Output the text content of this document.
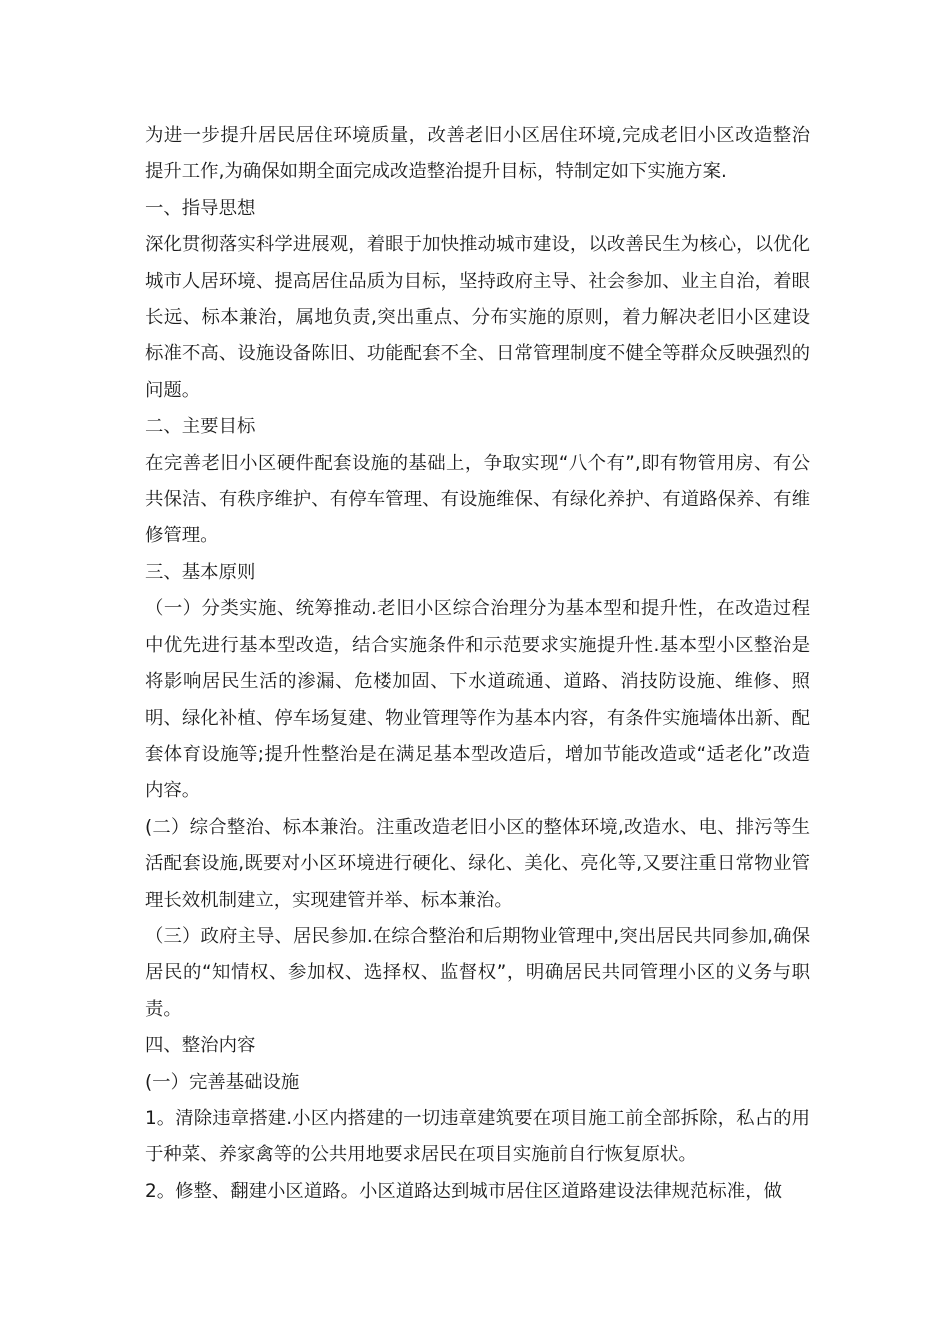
为进一步提升居民居住环境质量，改善老旧小区居住环境,完成老旧小区改造整治提升工作,为确保如期全面完成改造整治提升目标，特制定如下实施方案.

一、指导思想

深化贯彻落实科学进展观，着眼于加快推动城市建设，以改善民生为核心，以优化城市人居环境、提高居住品质为目标，坚持政府主导、社会参加、业主自治，着眼长远、标本兼治，属地负责,突出重点、分布实施的原则，着力解决老旧小区建设标准不高、设施设备陈旧、功能配套不全、日常管理制度不健全等群众反映强烈的问题。

二、主要目标

在完善老旧小区硬件配套设施的基础上，争取实现“八个有”,即有物管用房、有公共保洁、有秩序维护、有停车管理、有设施维保、有绿化养护、有道路保养、有维修管理。

三、基本原则

（一）分类实施、统筹推动.老旧小区综合治理分为基本型和提升性，在改造过程中优先进行基本型改造，结合实施条件和示范要求实施提升性.基本型小区整治是将影响居民生活的渗漏、危楼加固、下水道疏通、道路、消技防设施、维修、照明、绿化补植、停车场复建、物业管理等作为基本内容，有条件实施墙体出新、配套体育设施等;提升性整治是在满足基本型改造后，增加节能改造或“适老化”改造内容。

(二）综合整治、标本兼治。注重改造老旧小区的整体环境,改造水、电、排污等生活配套设施,既要对小区环境进行硬化、绿化、美化、亮化等,又要注重日常物业管理长效机制建立，实现建管并举、标本兼治。

（三）政府主导、居民参加.在综合整治和后期物业管理中,突出居民共同参加,确保居民的“知情权、参加权、选择权、监督权”，明确居民共同管理小区的义务与职责。

四、整治内容

(一）完善基础设施

1。清除违章搭建.小区内搭建的一切违章建筑要在项目施工前全部拆除，私占的用于种菜、养家禽等的公共用地要求居民在项目实施前自行恢复原状。

2。修整、翻建小区道路。小区道路达到城市居住区道路建设法律规范标准，做
